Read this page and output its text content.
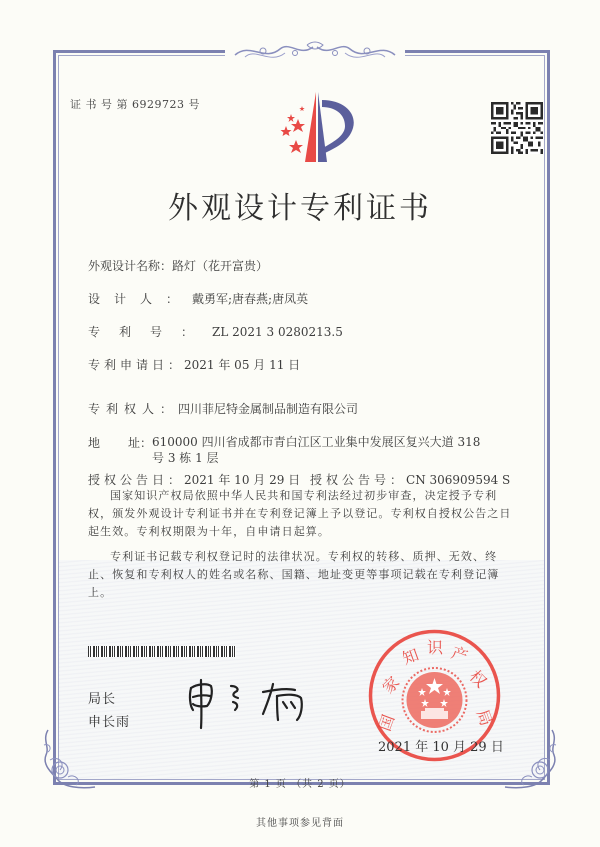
证 书 号 第 6929723 号
外观设计专利证书
外观设计名称：路灯（花开富贵）
设计人：戴勇军;唐春燕;唐凤英
专利号：ZL 2021 3 0280213.5
专利申请日：2021 年 05 月 11 日
专利权人：四川菲尼特金属制品制造有限公司
地 址： 610000 四川省成都市青白江区工业集中发展区复兴大道 318 号 3 栋 1 层
授权公告日：2021 年 10 月 29 日 授权公告号：CN 306909594 S

国家知识产权局依照中华人民共和国专利法经过初步审查，决定授予专利权，颁发外观设计专利证书并在专利登记簿上予以登记。专利权自授权公告之日起生效。专利权期限为十年，自申请日起算。

专利证书记载专利权登记时的法律状况。专利权的转移、质押、无效、终止、恢复和专利权人的姓名或名称、国籍、地址变更等事项记载在专利登记簿上。

局长
申长雨	国
家
知 识 产
权
局
2021 年 10 月 29 日
第 1 页 （共 2 页）
其他事项参见背面
